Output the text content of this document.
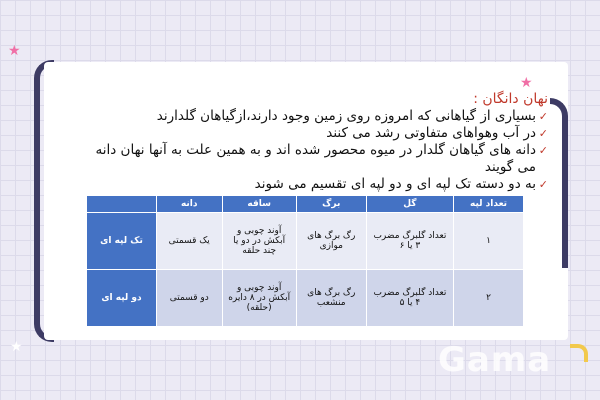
★
★
★
نهان دانگان :
✓ بسیاری از گیاهانی که امروزه روی زمین وجود دارند،ازگیاهان گلدارند
✓ در آب وهواهای متفاوتی رشد می کنند
✓ دانه های گیاهان گلدار در میوه محصور شده اند و به همین علت به آنها نهان دانه می گویند
✓ به دو دسته تک لپه ای و دو لپه ای تقسیم می شوند
تعداد لپه	گل	برگ	ساقه	دانه	
۱	تعداد گلبرگ مضرب ۳ یا ۶	رگ برگ های موازی	آوند چوبی و آبکش در دو یا چند حلقه	یک قسمتی	تک لپه ای
۲	تعداد گلبرگ مضرب ۴ یا ۵	رگ برگ های منشعب	آوند چوبی و آبکش در ۸ دایره (حلقه)	دو قسمتی	دو لپه ای
Gama
